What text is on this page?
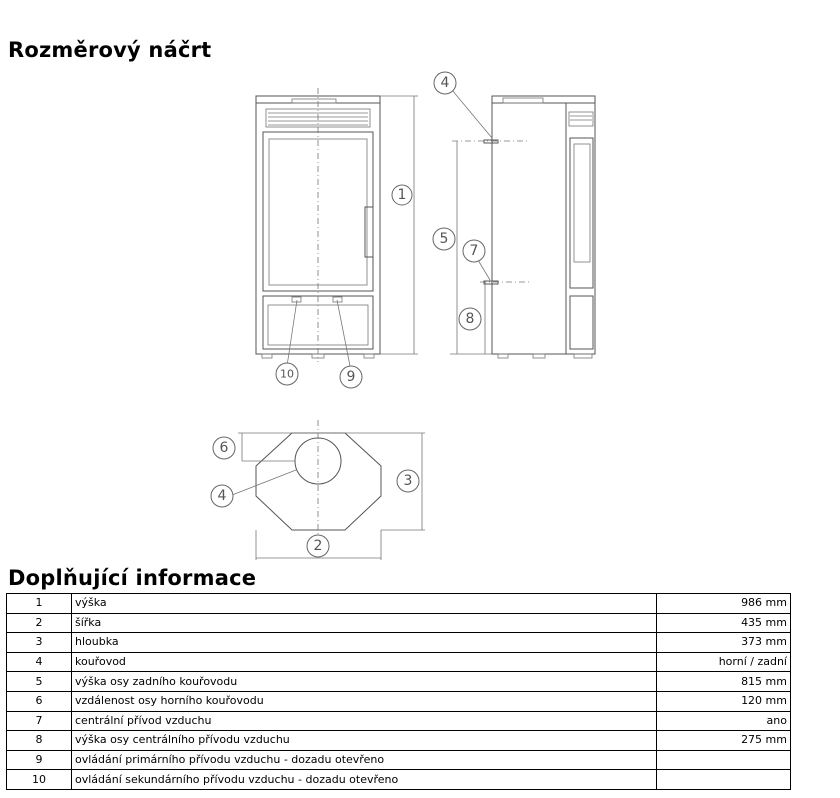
Rozměrový náčrt
1
10	9
4
5
7
8
6
4
3
2
Doplňující informace
1	výška	986 mm
2	šířka	435 mm
3	hloubka	373 mm
4	kouřovod	horní / zadní
5	výška osy zadního kouřovodu	815 mm
6	vzdálenost osy horního kouřovodu	120 mm
7	centrální přívod vzduchu	ano
8	výška osy centrálního přívodu vzduchu	275 mm
9	ovládání primárního přívodu vzduchu - dozadu otevřeno	
10	ovládání sekundárního přívodu vzduchu - dozadu otevřeno	
